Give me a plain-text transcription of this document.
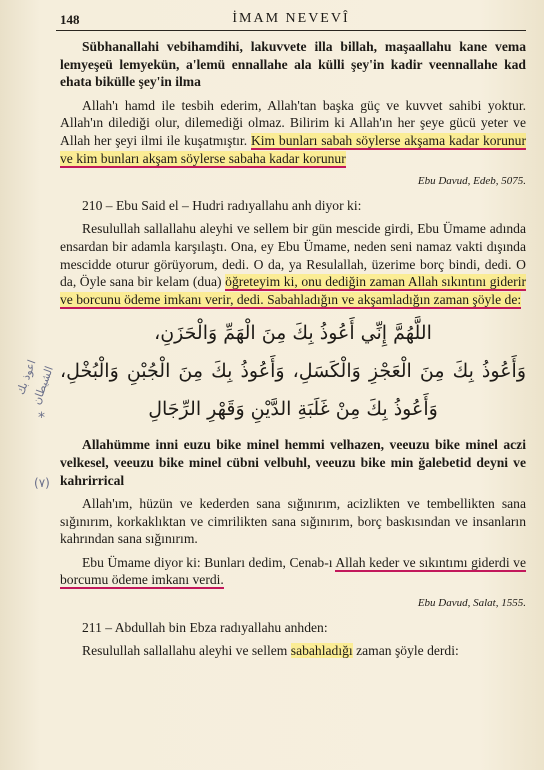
148	İMAM NEVEVÎ
اعوذ بك
الشيطان
*
(٧)

Sübhanallahi vebihamdihi, lakuvvete illa billah, maşaallahu kane vema lemyeşeü lemyekün, a'lemü ennallahe ala külli şey'in kadir veennallahe kad ehata bikülle şey'in ilma

Allah'ı hamd ile tesbih ederim, Allah'tan başka güç ve kuvvet sahibi yoktur. Allah'ın dilediği olur, dilemediği olmaz. Bilirim ki Allah'ın her şeye gücü yeter ve Allah her şeyi ilmi ile kuşatmıştır. Kim bunları sabah söylerse akşama kadar korunur ve kim bunları akşam söylerse sabaha kadar korunur

Ebu Davud, Edeb, 5075.

210 – Ebu Said el – Hudri radıyallahu anh diyor ki:

Resulullah sallallahu aleyhi ve sellem bir gün mescide girdi, Ebu Ümame adında ensardan bir adamla karşılaştı. Ona, ey Ebu Ümame, neden seni namaz vakti dışında mescidde oturur görüyorum, dedi. O da, ya Resulallah, üzerime borç bindi, dedi. O da, Öyle sana bir kelam (dua) öğreteyim ki, onu dediğin zaman Allah sıkıntını giderir ve borcunu ödeme imkanı verir, dedi. Sabahladığın ve akşamladığın zaman şöyle de:

اللَّهُمَّ إِنِّي أَعُوذُ بِكَ مِنَ الْهَمِّ وَالْحَزَنِ،
وَأَعُوذُ بِكَ مِنَ الْعَجْزِ وَالْكَسَلِ، وَأَعُوذُ بِكَ مِنَ الْجُبْنِ وَالْبُخْلِ،
وَأَعُوذُ بِكَ مِنْ غَلَبَةِ الدَّيْنِ وَقَهْرِ الرِّجَالِ

Allahümme inni euzu bike minel hemmi velhazen, veeuzu bike minel aczi velkesel, veeuzu bike minel cübni velbuhl, veeuzu bike min ğalebetid deyni ve kahrirrical

Allah'ım, hüzün ve kederden sana sığınırım, acizlikten ve tembellikten sana sığınırım, korkaklıktan ve cimrilikten sana sığınırım, borç baskısından ve insanların kahrından sana sığınırım.

Ebu Ümame diyor ki: Bunları dedim, Cenab-ı Allah keder ve sıkıntımı giderdi ve borcumu ödeme imkanı verdi.

Ebu Davud, Salat, 1555.

211 – Abdullah bin Ebza radıyallahu anhden:

Resulullah sallallahu aleyhi ve sellem sabahladığı zaman şöyle derdi:
